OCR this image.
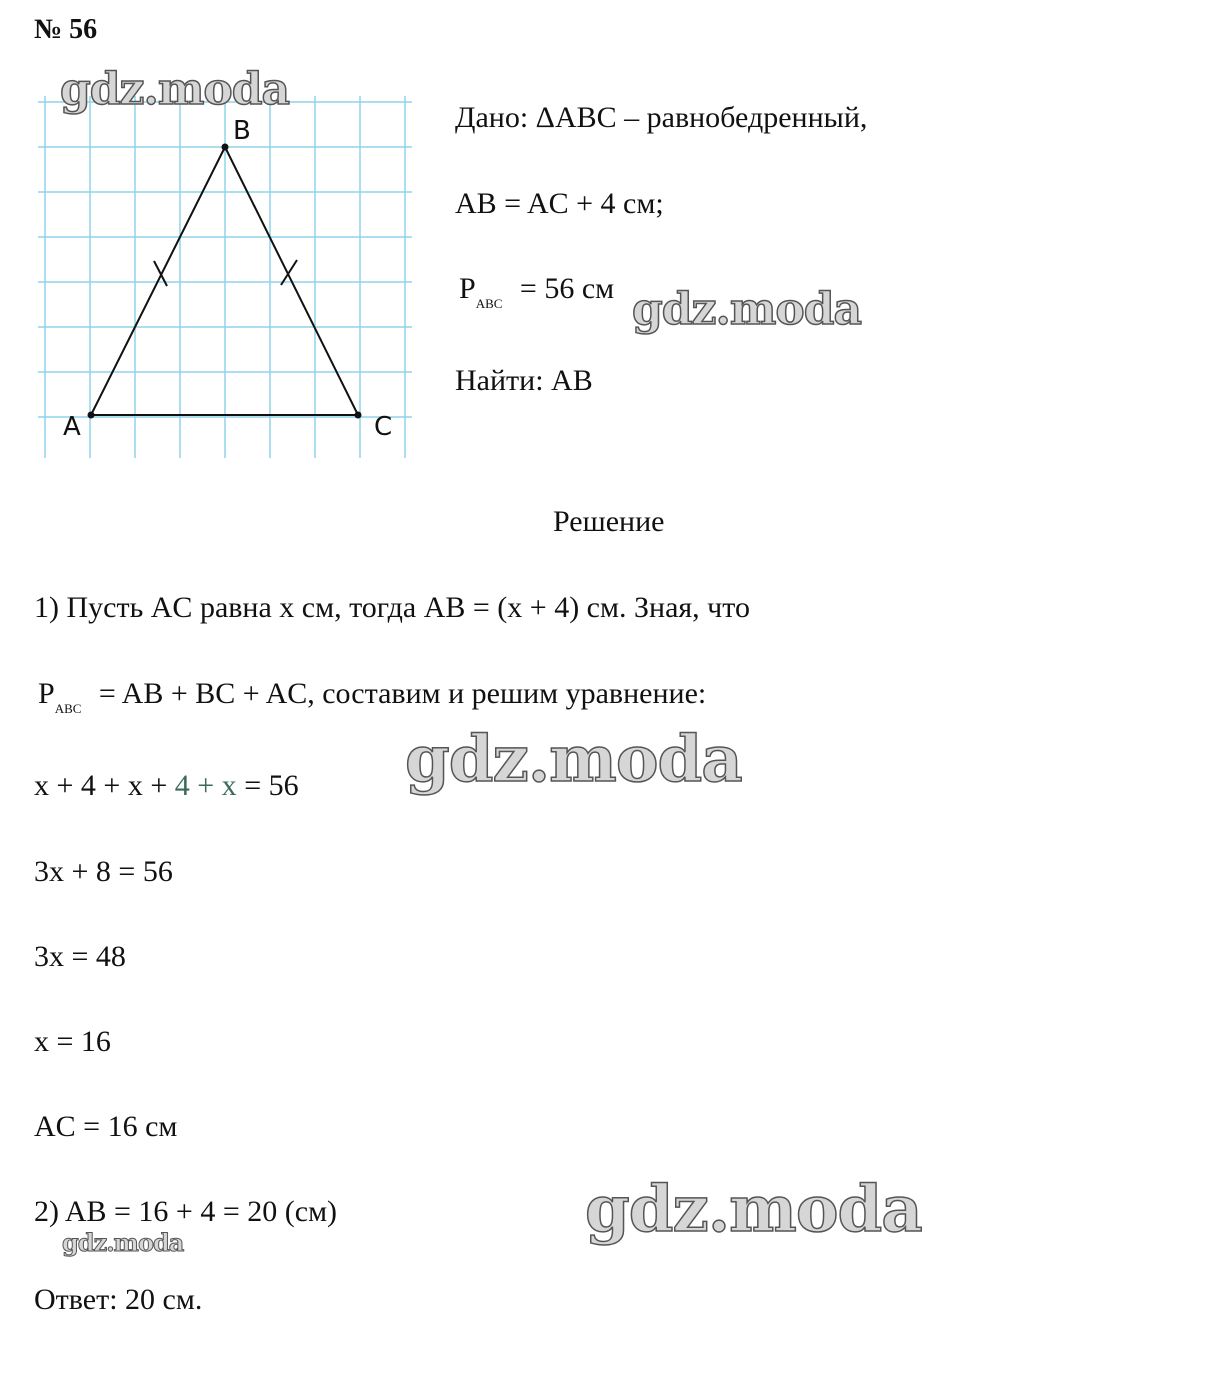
№ 56
B
A	C
Дано: ΔABC – равнобедренный,
AB = AC + 4 см;
$P_{ABC} = 56$ см
Найти: AB
Решение
1) Пусть AC равна x см, тогда AB = (x + 4) см. Зная, что
$P_{ABC}$ = AB + BC + AC, составим и решим уравнение:
x + 4 + x + 4 + x = 56
3x + 8 = 56
3x = 48
x = 16
AC = 16 см
2) AB = 16 + 4 = 20 (см)
Ответ: 20 см.
gdz.moda
gdz.moda
gdz.moda
gdz.moda
gdz.moda
